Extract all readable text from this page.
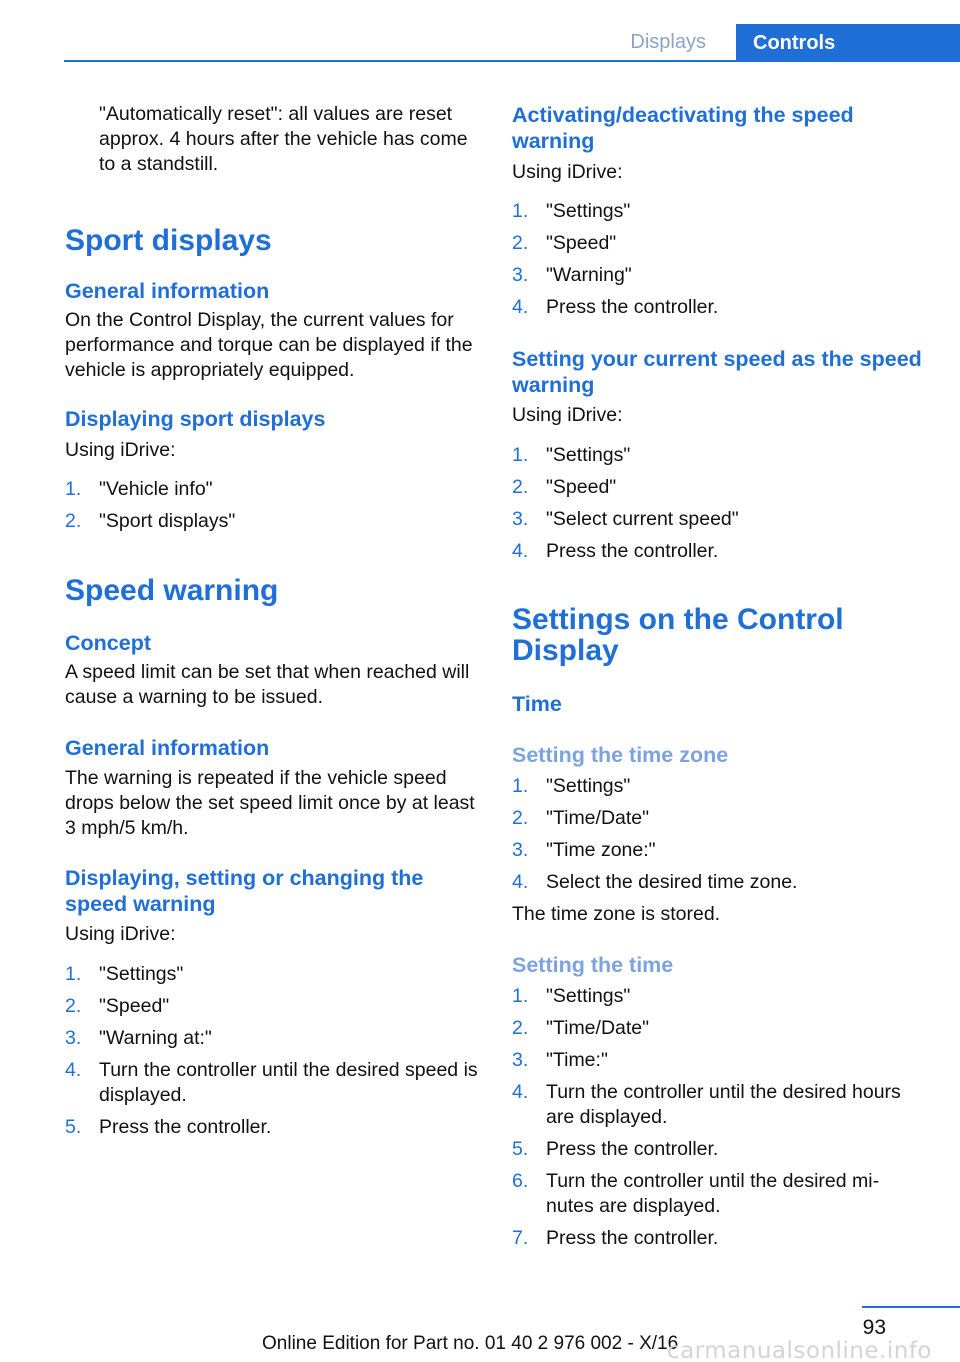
Displays	Controls

"Automatically reset": all values are reset approx. 4 hours after the vehicle has come to a standstill.

Sport displays
General information

On the Control Display, the current values for performance and torque can be displayed if the vehicle is appropriately equipped.

Displaying sport displays

Using iDrive:

1. "Vehicle info"
2. "Sport displays"
Speed warning
Concept

A speed limit can be set that when reached will cause a warning to be issued.

General information

The warning is repeated if the vehicle speed drops below the set speed limit once by at least 3 mph/5 km/h.

Displaying, setting or changing the speed warning

Using iDrive:

1. "Settings"
2. "Speed"
3. "Warning at:"
4. Turn the controller until the desired speed is displayed.
5. Press the controller.
Activating/deactivating the speed warning

Using iDrive:

1. "Settings"
2. "Speed"
3. "Warning"
4. Press the controller.
Setting your current speed as the speed warning

Using iDrive:

1. "Settings"
2. "Speed"
3. "Select current speed"
4. Press the controller.
Settings on the Control Display
Time
Setting the time zone
1. "Settings"
2. "Time/Date"
3. "Time zone:"
4. Select the desired time zone.

The time zone is stored.

Setting the time
1. "Settings"
2. "Time/Date"
3. "Time:"
4. Turn the controller until the desired hours are displayed.
5. Press the controller.
6. Turn the controller until the desired mi‐nutes are displayed.
7. Press the controller.
93
Online Edition for Part no. 01 40 2 976 002 - X/16
carmanualsonline.info
